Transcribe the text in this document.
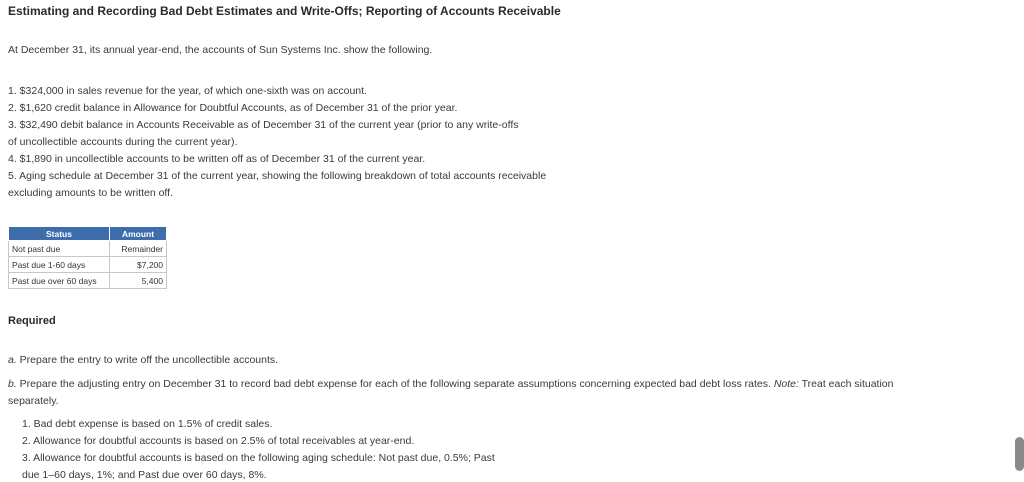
Estimating and Recording Bad Debt Estimates and Write-Offs; Reporting of Accounts Receivable
At December 31, its annual year-end, the accounts of Sun Systems Inc. show the following.
1. $324,000 in sales revenue for the year, of which one-sixth was on account.
2. $1,620 credit balance in Allowance for Doubtful Accounts, as of December 31 of the prior year.
3. $32,490 debit balance in Accounts Receivable as of December 31 of the current year (prior to any write-offs
of uncollectible accounts during the current year).
4. $1,890 in uncollectible accounts to be written off as of December 31 of the current year.
5. Aging schedule at December 31 of the current year, showing the following breakdown of total accounts receivable
excluding amounts to be written off.
Status	Amount
Not past due	Remainder
Past due 1-60 days	$7,200
Past due over 60 days	5,400
Required
a. Prepare the entry to write off the uncollectible accounts.
b. Prepare the adjusting entry on December 31 to record bad debt expense for each of the following separate assumptions concerning expected bad debt loss rates. Note: Treat each situation
separately.
1. Bad debt expense is based on 1.5% of credit sales.
2. Allowance for doubtful accounts is based on 2.5% of total receivables at year-end.
3. Allowance for doubtful accounts is based on the following aging schedule: Not past due, 0.5%; Past
due 1–60 days, 1%; and Past due over 60 days, 8%.
